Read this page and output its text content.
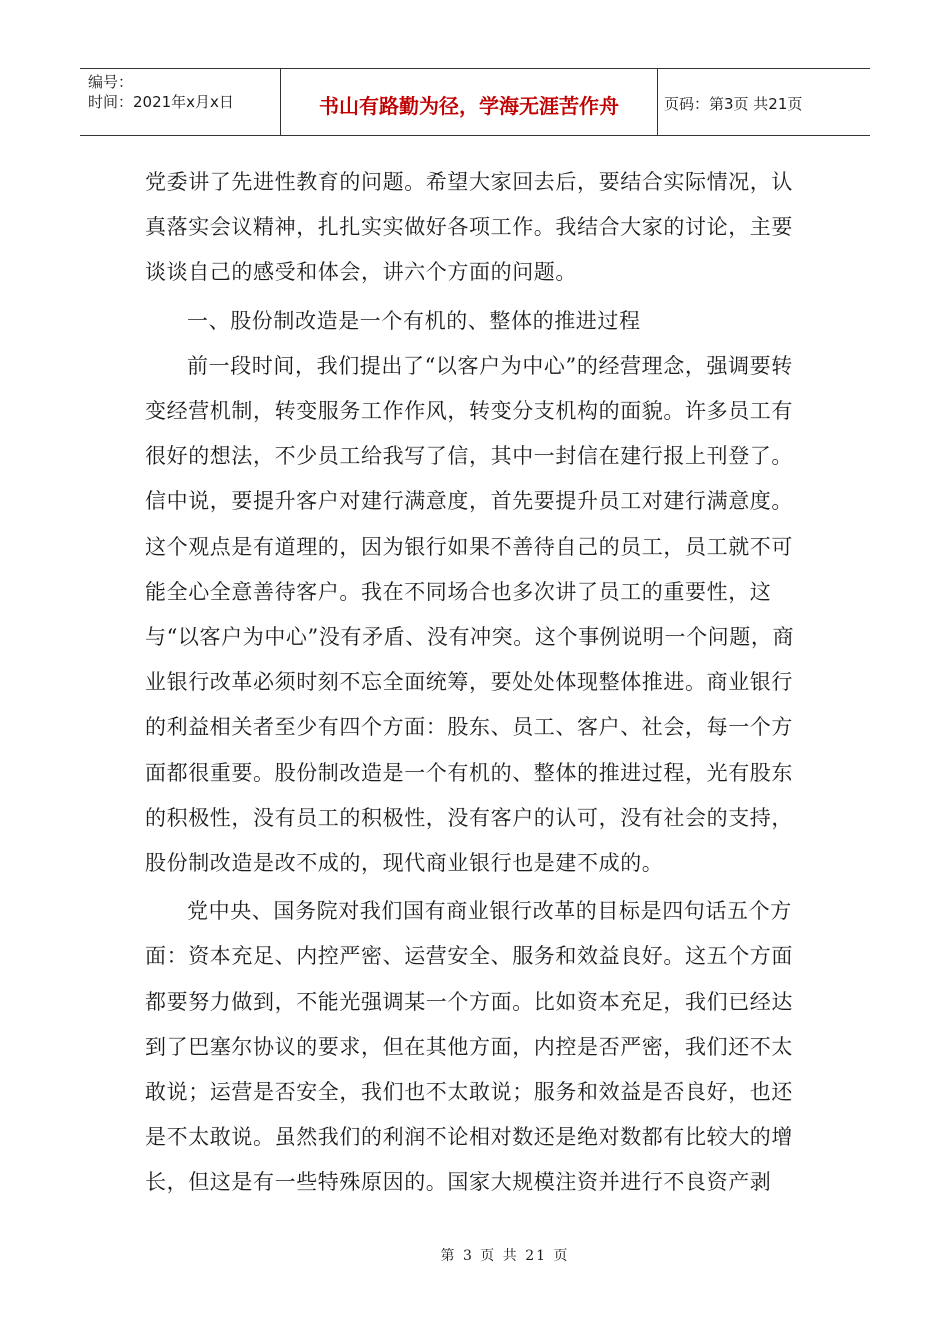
编号：
时间：2021年x月x日	书山有路勤为径，学海无涯苦作舟	页码：第3页 共21页

党委讲了先进性教育的问题。希望大家回去后，要结合实际情况，认真落实会议精神，扎扎实实做好各项工作。我结合大家的讨论，主要谈谈自己的感受和体会，讲六个方面的问题。

一、股份制改造是一个有机的、整体的推进过程

前一段时间，我们提出了“以客户为中心”的经营理念，强调要转变经营机制，转变服务工作作风，转变分支机构的面貌。许多员工有很好的想法，不少员工给我写了信，其中一封信在建行报上刊登了。信中说，要提升客户对建行满意度，首先要提升员工对建行满意度。这个观点是有道理的，因为银行如果不善待自己的员工，员工就不可能全心全意善待客户。我在不同场合也多次讲了员工的重要性，这与“以客户为中心”没有矛盾、没有冲突。这个事例说明一个问题，商业银行改革必须时刻不忘全面统筹，要处处体现整体推进。商业银行的利益相关者至少有四个方面：股东、员工、客户、社会，每一个方面都很重要。股份制改造是一个有机的、整体的推进过程，光有股东的积极性，没有员工的积极性，没有客户的认可，没有社会的支持，股份制改造是改不成的，现代商业银行也是建不成的。

党中央、国务院对我们国有商业银行改革的目标是四句话五个方面：资本充足、内控严密、运营安全、服务和效益良好。这五个方面都要努力做到，不能光强调某一个方面。比如资本充足，我们已经达到了巴塞尔协议的要求，但在其他方面，内控是否严密，我们还不太敢说；运营是否安全，我们也不太敢说；服务和效益是否良好，也还是不太敢说。虽然我们的利润不论相对数还是绝对数都有比较大的增长，但这是有一些特殊原因的。国家大规模注资并进行不良资产剥

第 3 页 共 21 页
